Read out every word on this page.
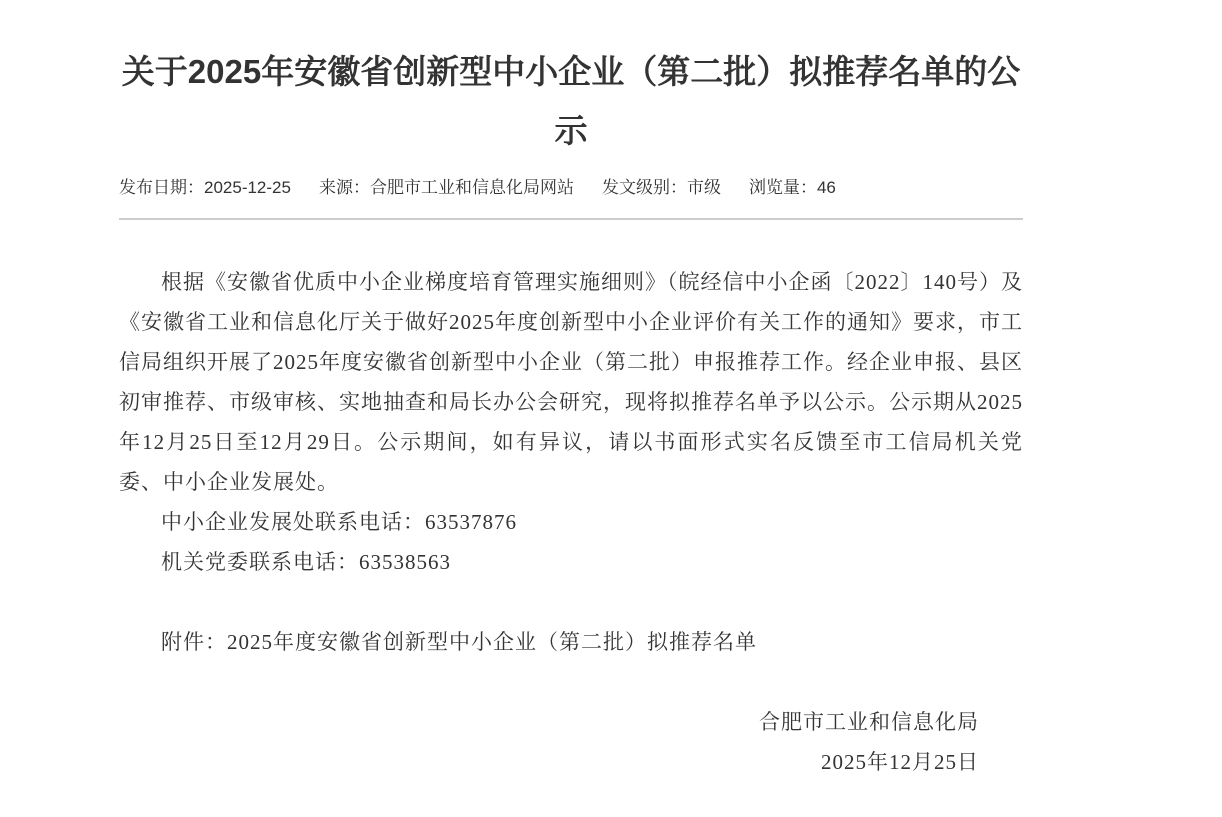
关于2025年安徽省创新型中小企业（第二批）拟推荐名单的公示
发布日期：2025-12-25 来源：合肥市工业和信息化局网站 发文级别：市级 浏览量：46

根据《安徽省优质中小企业梯度培育管理实施细则》（皖经信中小企函〔2022〕140号）及《安徽省工业和信息化厅关于做好2025年度创新型中小企业评价有关工作的通知》要求，市工信局组织开展了2025年度安徽省创新型中小企业（第二批）申报推荐工作。经企业申报、县区初审推荐、市级审核、实地抽查和局长办公会研究，现将拟推荐名单予以公示。公示期从2025年12月25日至12月29日。公示期间，如有异议，请以书面形式实名反馈至市工信局机关党委、中小企业发展处。

中小企业发展处联系电话：63537876

机关党委联系电话：63538563

附件：2025年度安徽省创新型中小企业（第二批）拟推荐名单

合肥市工业和信息化局

2025年12月25日
